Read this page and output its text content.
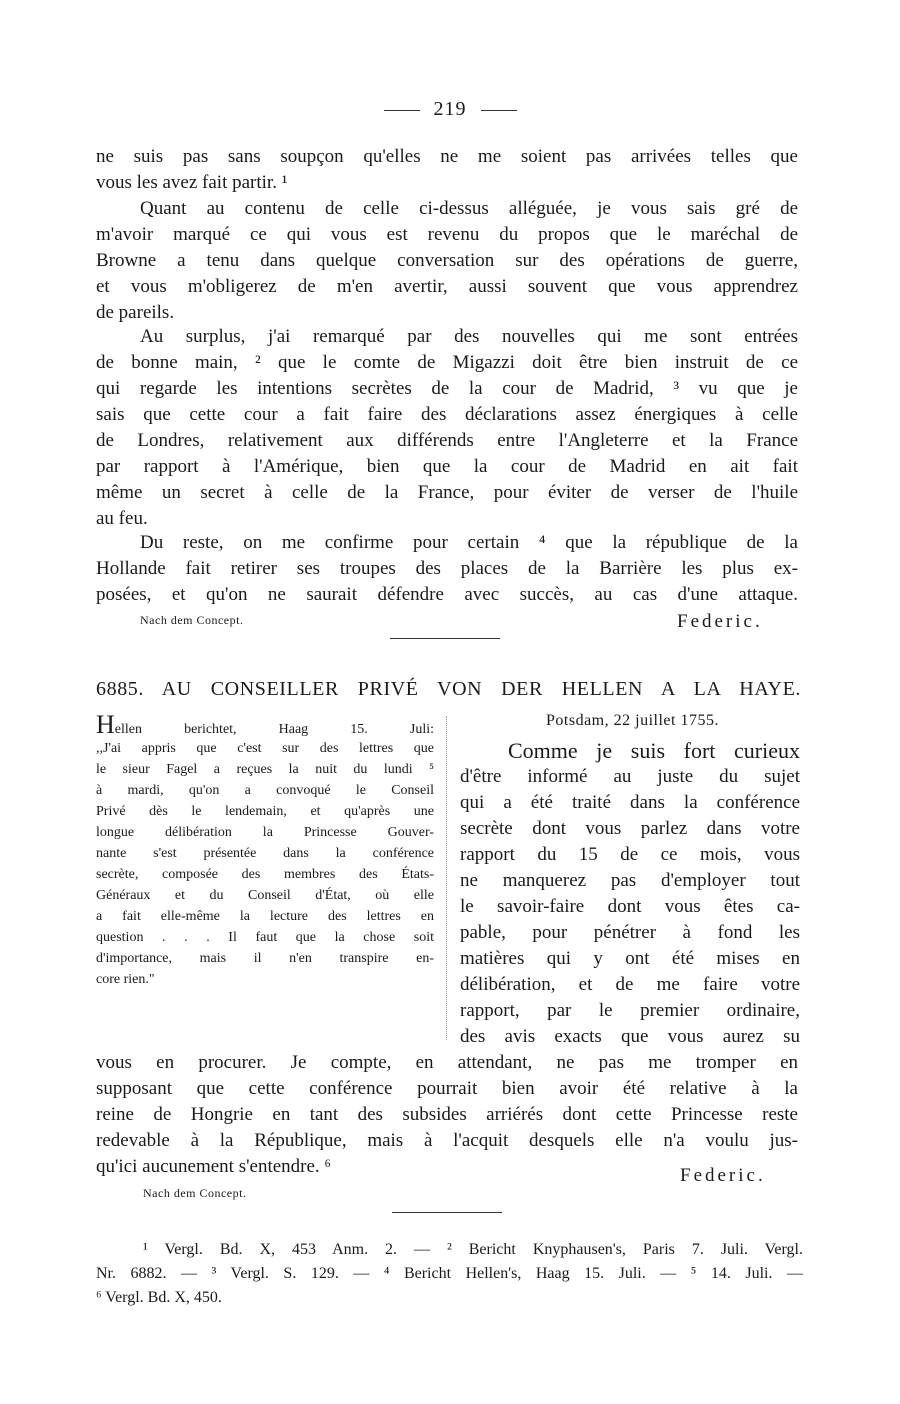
219
ne suis pas sans soupçon qu'elles ne me soient pas arrivées telles que
vous les avez fait partir. ¹
Quant au contenu de celle ci-dessus alléguée, je vous sais gré de
m'avoir marqué ce qui vous est revenu du propos que le maréchal de
Browne a tenu dans quelque conversation sur des opérations de guerre,
et vous m'obligerez de m'en avertir, aussi souvent que vous apprendrez
de pareils.
Au surplus, j'ai remarqué par des nouvelles qui me sont entrées
de bonne main, ² que le comte de Migazzi doit être bien instruit de ce
qui regarde les intentions secrètes de la cour de Madrid, ³ vu que je
sais que cette cour a fait faire des déclarations assez énergiques à celle
de Londres, relativement aux différends entre l'Angleterre et la France
par rapport à l'Amérique, bien que la cour de Madrid en ait fait
même un secret à celle de la France, pour éviter de verser de l'huile
au feu.
Du reste, on me confirme pour certain ⁴ que la république de la
Hollande fait retirer ses troupes des places de la Barrière les plus ex-
posées, et qu'on ne saurait défendre avec succès, au cas d'une attaque.
Nach dem Concept.	Federic.
6885. AU CONSEILLER PRIVÉ VON DER HELLEN A LA HAYE.
Hellen berichtet, Haag 15. Juli:
,,J'ai appris que c'est sur des lettres que
le sieur Fagel a reçues la nuit du lundi ⁵
à mardi, qu'on a convoqué le Conseil
Privé dès le lendemain, et qu'après une
longue délibération la Princesse Gouver-
nante s'est présentée dans la conférence
secrète, composée des membres des États-
Généraux et du Conseil d'État, où elle
a fait elle-même la lecture des lettres en
question . . . Il faut que la chose soit
d'importance, mais il n'en transpire en-
core rien."
Potsdam, 22 juillet 1755.
Comme je suis fort curieux
d'être informé au juste du sujet
qui a été traité dans la conférence
secrète dont vous parlez dans votre
rapport du 15 de ce mois, vous
ne manquerez pas d'employer tout
le savoir-faire dont vous êtes ca-
pable, pour pénétrer à fond les
matières qui y ont été mises en
délibération, et de me faire votre
rapport, par le premier ordinaire,
des avis exacts que vous aurez su
vous en procurer. Je compte, en attendant, ne pas me tromper en
supposant que cette conférence pourrait bien avoir été relative à la
reine de Hongrie en tant des subsides arriérés dont cette Princesse reste
redevable à la République, mais à l'acquit desquels elle n'a voulu jus-
qu'ici aucunement s'entendre. ⁶	Federic.
Nach dem Concept.
¹ Vergl. Bd. X, 453 Anm. 2. — ² Bericht Knyphausen's, Paris 7. Juli. Vergl.
Nr. 6882. — ³ Vergl. S. 129. — ⁴ Bericht Hellen's, Haag 15. Juli. — ⁵ 14. Juli. —
⁶ Vergl. Bd. X, 450.
